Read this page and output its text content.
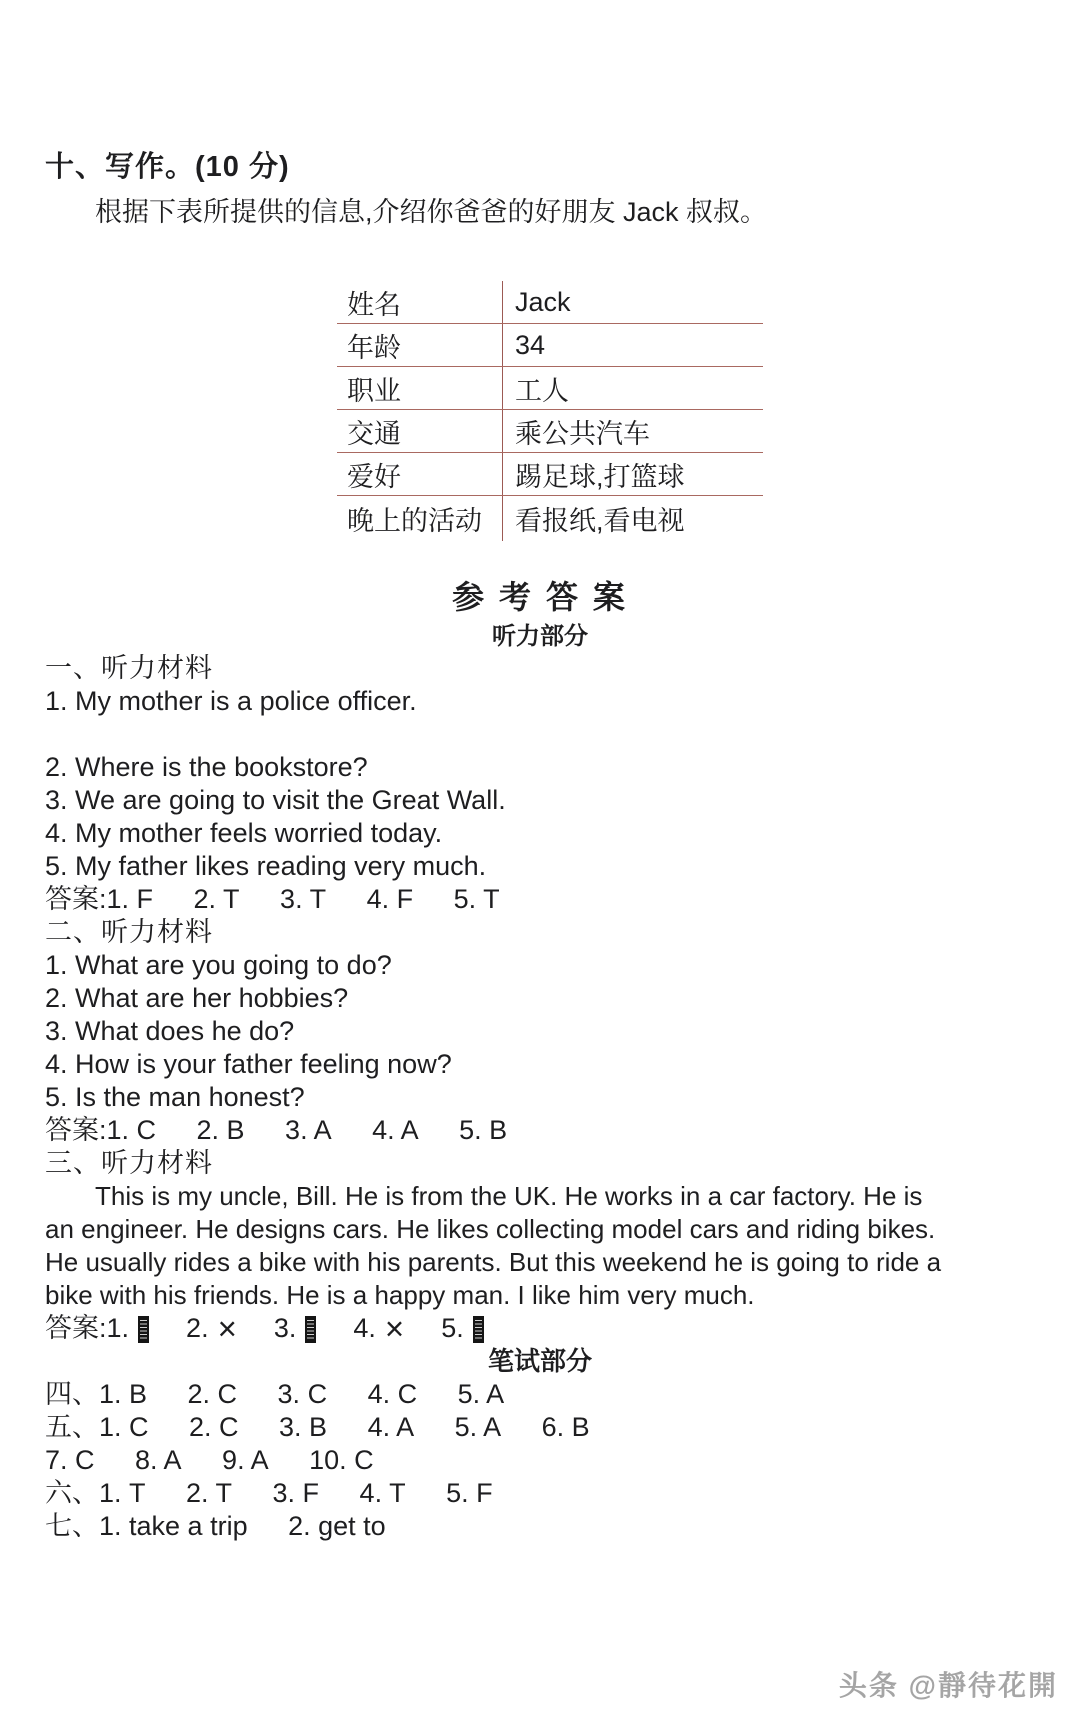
十、写作。(10 分)
根据下表所提供的信息,介绍你爸爸的好朋友 Jack 叔叔。
姓名	Jack
年龄	34
职业	工人
交通	乘公共汽车
爱好	踢足球,打篮球
晚上的活动	看报纸,看电视
参 考 答 案
听力部分
一、听力材料
1. My mother is a police officer.
2. Where is the bookstore?
3. We are going to visit the Great Wall.
4. My mother feels worried today.
5. My father likes reading very much.
答案:1. F  2. T  3. T  4. F  5. T
二、听力材料
1. What are you going to do?
2. What are her hobbies?
3. What does he do?
4. How is your father feeling now?
5. Is the man honest?
答案:1. C  2. B  3. A  4. A  5. B
三、听力材料
This is my uncle, Bill. He is from the UK. He works in a car factory. He is
an engineer. He designs cars. He likes collecting model cars and riding bikes.
He usually rides a bike with his parents. But this weekend he is going to ride a
bike with his friends. He is a happy man. I like him very much.
答案: 1. 2. × 3. 4. × 5.
笔试部分
四、1. B  2. C  3. C  4. C  5. A
五、1. C  2. C  3. B  4. A  5. A  6. B
7. C  8. A  9. A  10. C
六、1. T  2. T  3. F  4. T  5. F
七、1. take a trip  2. get to
头条 @靜待花開
